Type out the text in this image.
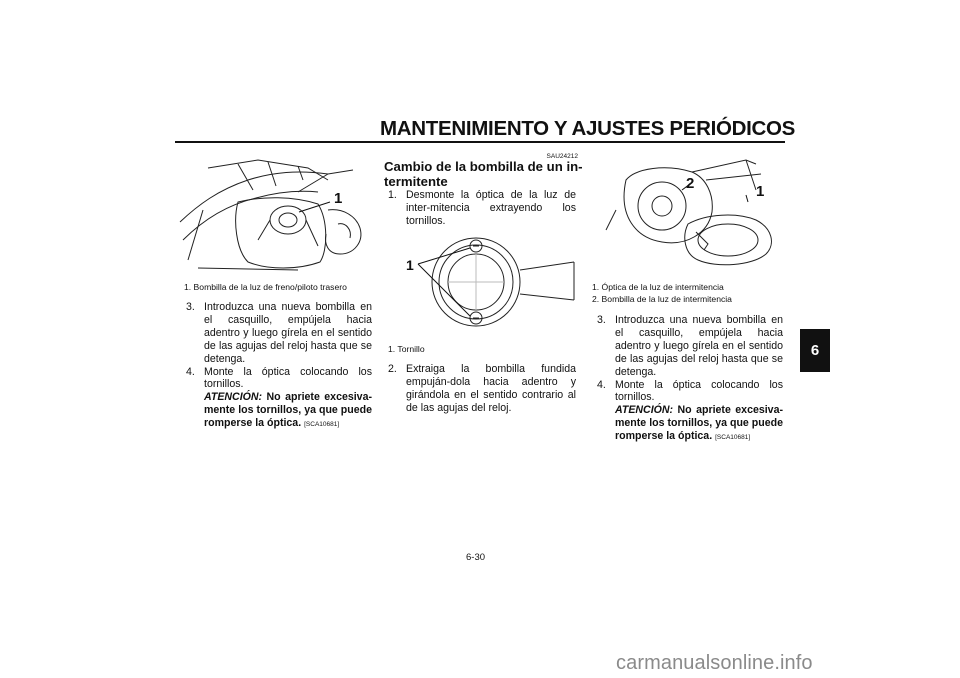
MANTENIMIENTO Y AJUSTES PERIÓDICOS
6
1
1. Bombilla de la luz de freno/piloto trasero
3. Introduzca una nueva bombilla en el casquillo, empújela hacia adentro y luego gírela en el sentido de las agujas del reloj hasta que se detenga.
4. Monte la óptica colocando los tornillos.
ATENCIÓN: No apriete excesiva-mente los tornillos, ya que puede romperse la óptica. [SCA10681]
SAU24212
Cambio de la bombilla de un in-
termitente
1. Desmonte la óptica de la luz de inter-mitencia extrayendo los tornillos.
1
1. Tornillo
2. Extraiga la bombilla fundida empuján-dola hacia adentro y girándola en el sentido contrario al de las agujas del reloj.
2	1
1. Óptica de la luz de intermitencia
2. Bombilla de la luz de intermitencia
3. Introduzca una nueva bombilla en el casquillo, empújela hacia adentro y luego gírela en el sentido de las agujas del reloj hasta que se detenga.
4. Monte la óptica colocando los tornillos.
ATENCIÓN: No apriete excesiva-mente los tornillos, ya que puede romperse la óptica. [SCA10681]
6-30
carmanualsonline.info
